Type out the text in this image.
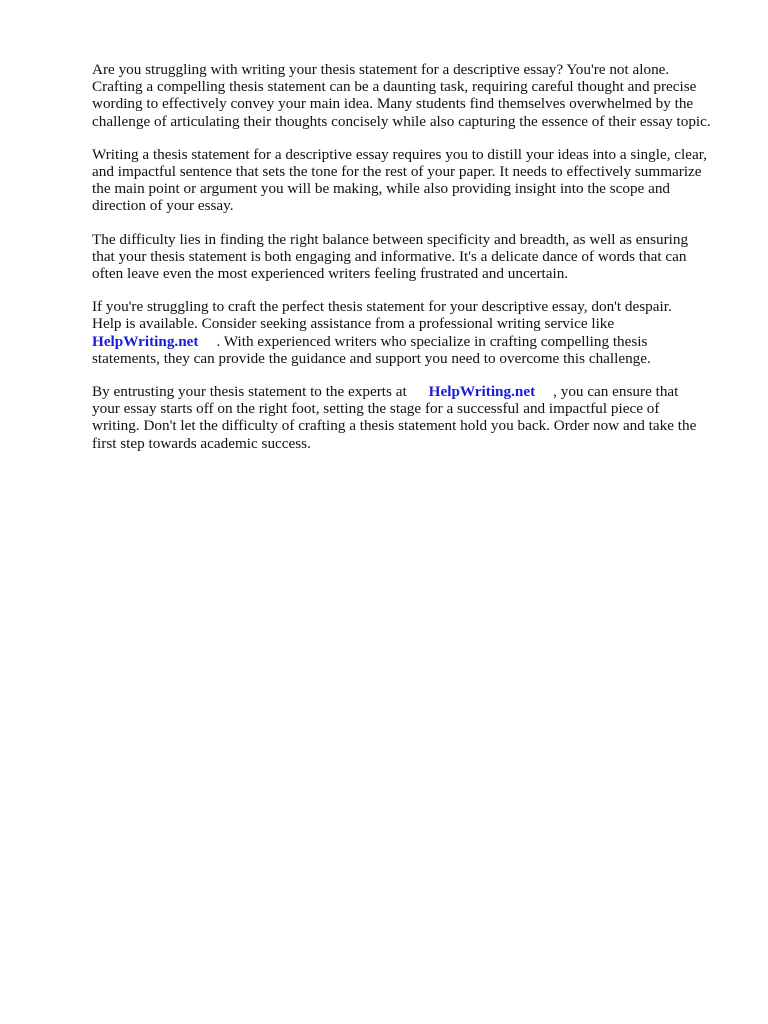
Are you struggling with writing your thesis statement for a descriptive essay? You're not alone.
Crafting a compelling thesis statement can be a daunting task, requiring careful thought and precise
wording to effectively convey your main idea. Many students find themselves overwhelmed by the
challenge of articulating their thoughts concisely while also capturing the essence of their essay topic.

Writing a thesis statement for a descriptive essay requires you to distill your ideas into a single, clear,
and impactful sentence that sets the tone for the rest of your paper. It needs to effectively summarize
the main point or argument you will be making, while also providing insight into the scope and
direction of your essay.

The difficulty lies in finding the right balance between specificity and breadth, as well as ensuring
that your thesis statement is both engaging and informative. It's a delicate dance of words that can
often leave even the most experienced writers feeling frustrated and uncertain.

If you're struggling to craft the perfect thesis statement for your descriptive essay, don't despair.
Help is available. Consider seeking assistance from a professional writing service like
HelpWriting.net . With experienced writers who specialize in crafting compelling thesis
statements, they can provide the guidance and support you need to overcome this challenge.

By entrusting your thesis statement to the experts at HelpWriting.net , you can ensure that
your essay starts off on the right foot, setting the stage for a successful and impactful piece of
writing. Don't let the difficulty of crafting a thesis statement hold you back. Order now and take the
first step towards academic success.
